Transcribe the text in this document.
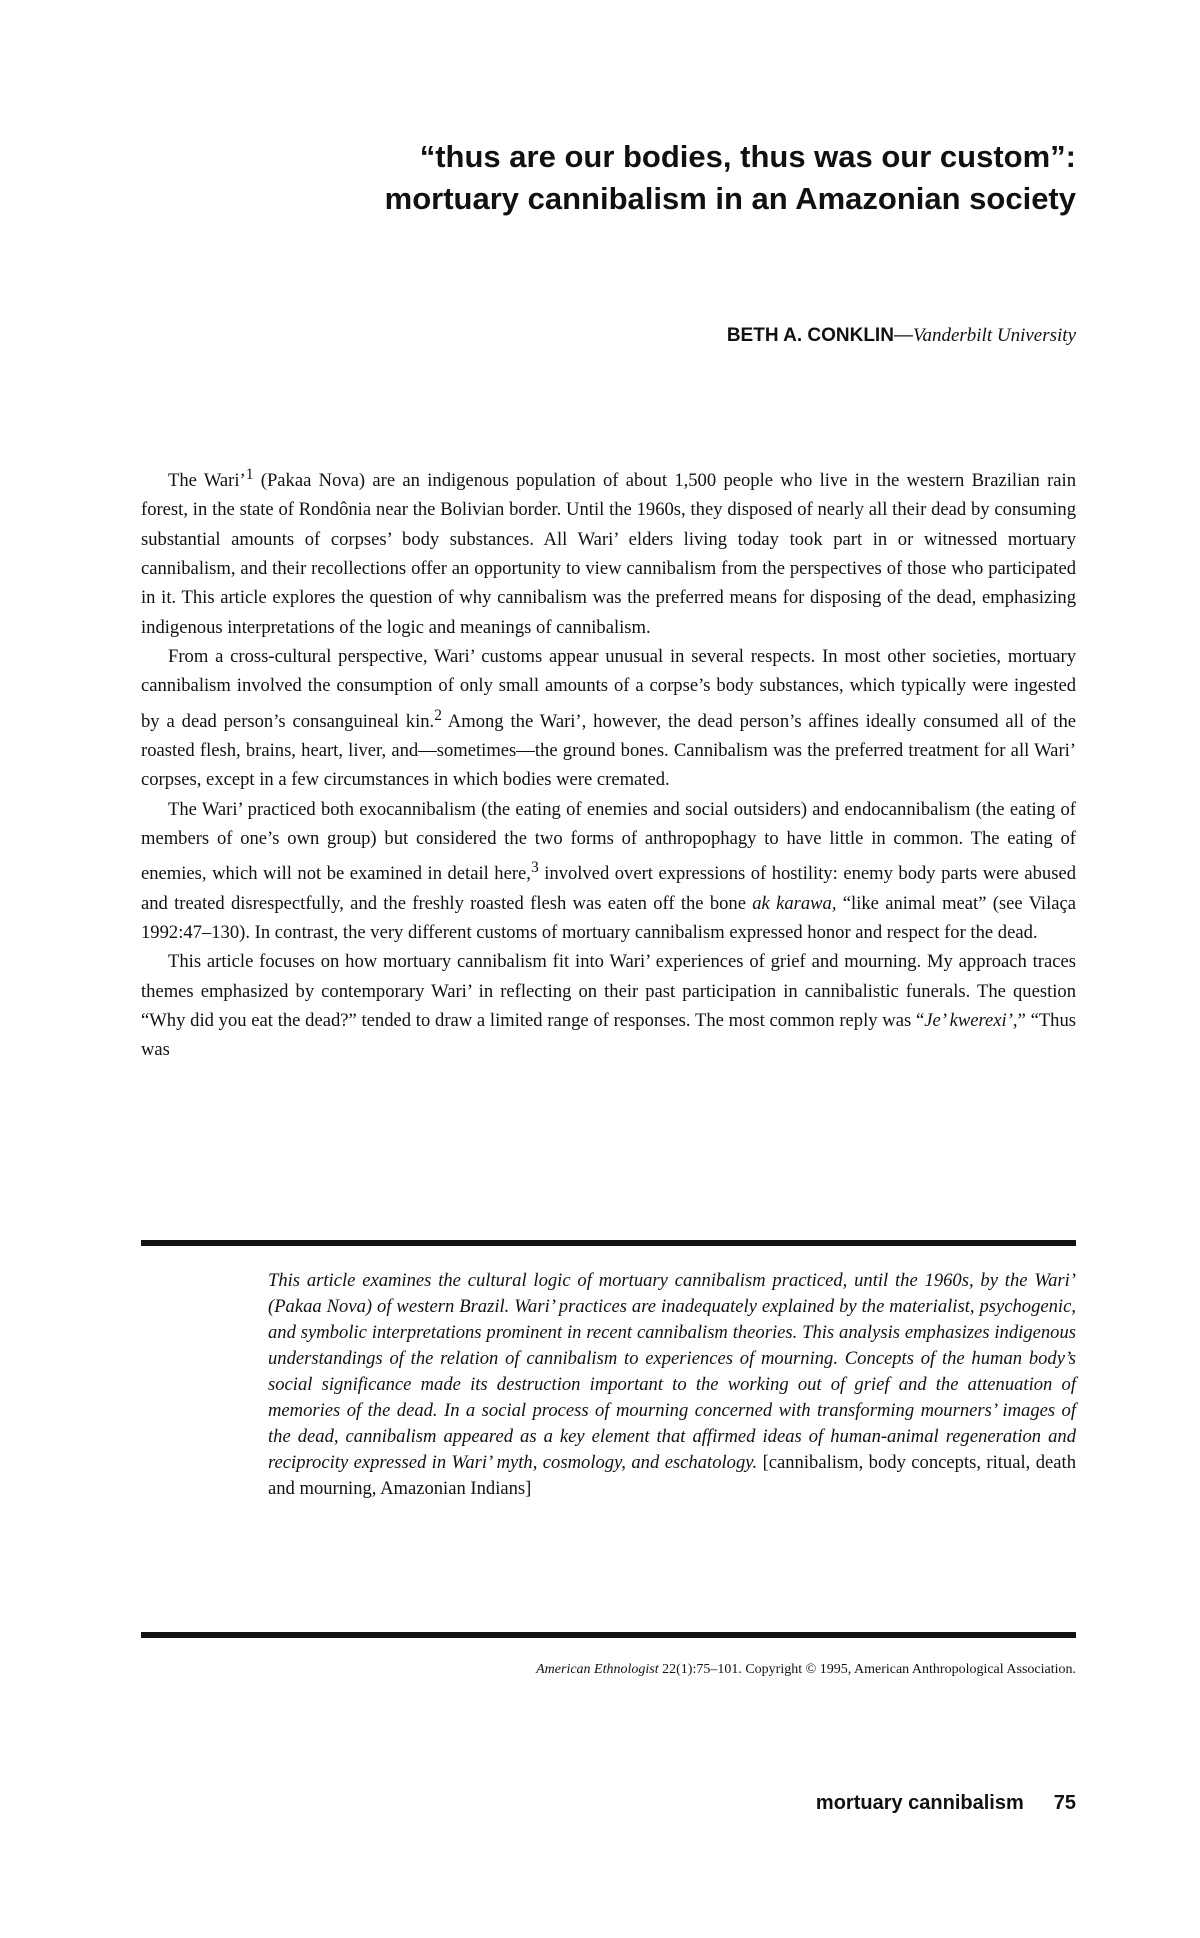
“thus are our bodies, thus was our custom”:
mortuary cannibalism in an Amazonian society
BETH A. CONKLIN—Vanderbilt University

The Wari’$^1$ (Pakaa Nova) are an indigenous population of about 1,500 people who live in the western Brazilian rain forest, in the state of Rondônia near the Bolivian border. Until the 1960s, they disposed of nearly all their dead by consuming substantial amounts of corpses’ body substances. All Wari’ elders living today took part in or witnessed mortuary cannibalism, and their recollections offer an opportunity to view cannibalism from the perspectives of those who participated in it. This article explores the question of why cannibalism was the preferred means for disposing of the dead, emphasizing indigenous interpretations of the logic and meanings of cannibalism.

From a cross-cultural perspective, Wari’ customs appear unusual in several respects. In most other societies, mortuary cannibalism involved the consumption of only small amounts of a corpse’s body substances, which typically were ingested by a dead person’s consanguineal kin.$^2$ Among the Wari’, however, the dead person’s affines ideally consumed all of the roasted flesh, brains, heart, liver, and—sometimes—the ground bones. Cannibalism was the preferred treatment for all Wari’ corpses, except in a few circumstances in which bodies were cremated.

The Wari’ practiced both exocannibalism (the eating of enemies and social outsiders) and endocannibalism (the eating of members of one’s own group) but considered the two forms of anthropophagy to have little in common. The eating of enemies, which will not be examined in detail here,$^3$ involved overt expressions of hostility: enemy body parts were abused and treated disrespectfully, and the freshly roasted flesh was eaten off the bone ak karawa, “like animal meat” (see Vilaça 1992:47–130). In contrast, the very different customs of mortuary cannibalism expressed honor and respect for the dead.

This article focuses on how mortuary cannibalism fit into Wari’ experiences of grief and mourning. My approach traces themes emphasized by contemporary Wari’ in reflecting on their past participation in cannibalistic funerals. The question “Why did you eat the dead?” tended to draw a limited range of responses. The most common reply was “Je’ kwerexi’,” “Thus was

This article examines the cultural logic of mortuary cannibalism practiced, until the 1960s, by the Wari’ (Pakaa Nova) of western Brazil. Wari’ practices are inadequately explained by the materialist, psychogenic, and symbolic interpretations prominent in recent cannibalism theories. This analysis emphasizes indigenous understandings of the relation of cannibalism to experiences of mourning. Concepts of the human body’s social significance made its destruction important to the working out of grief and the attenuation of memories of the dead. In a social process of mourning concerned with transforming mourners’ images of the dead, cannibalism appeared as a key element that affirmed ideas of human-animal regeneration and reciprocity expressed in Wari’ myth, cosmology, and eschatology. [cannibalism, body concepts, ritual, death and mourning, Amazonian Indians]
American Ethnologist 22(1):75–101. Copyright © 1995, American Anthropological Association.
mortuary cannibalism 75
